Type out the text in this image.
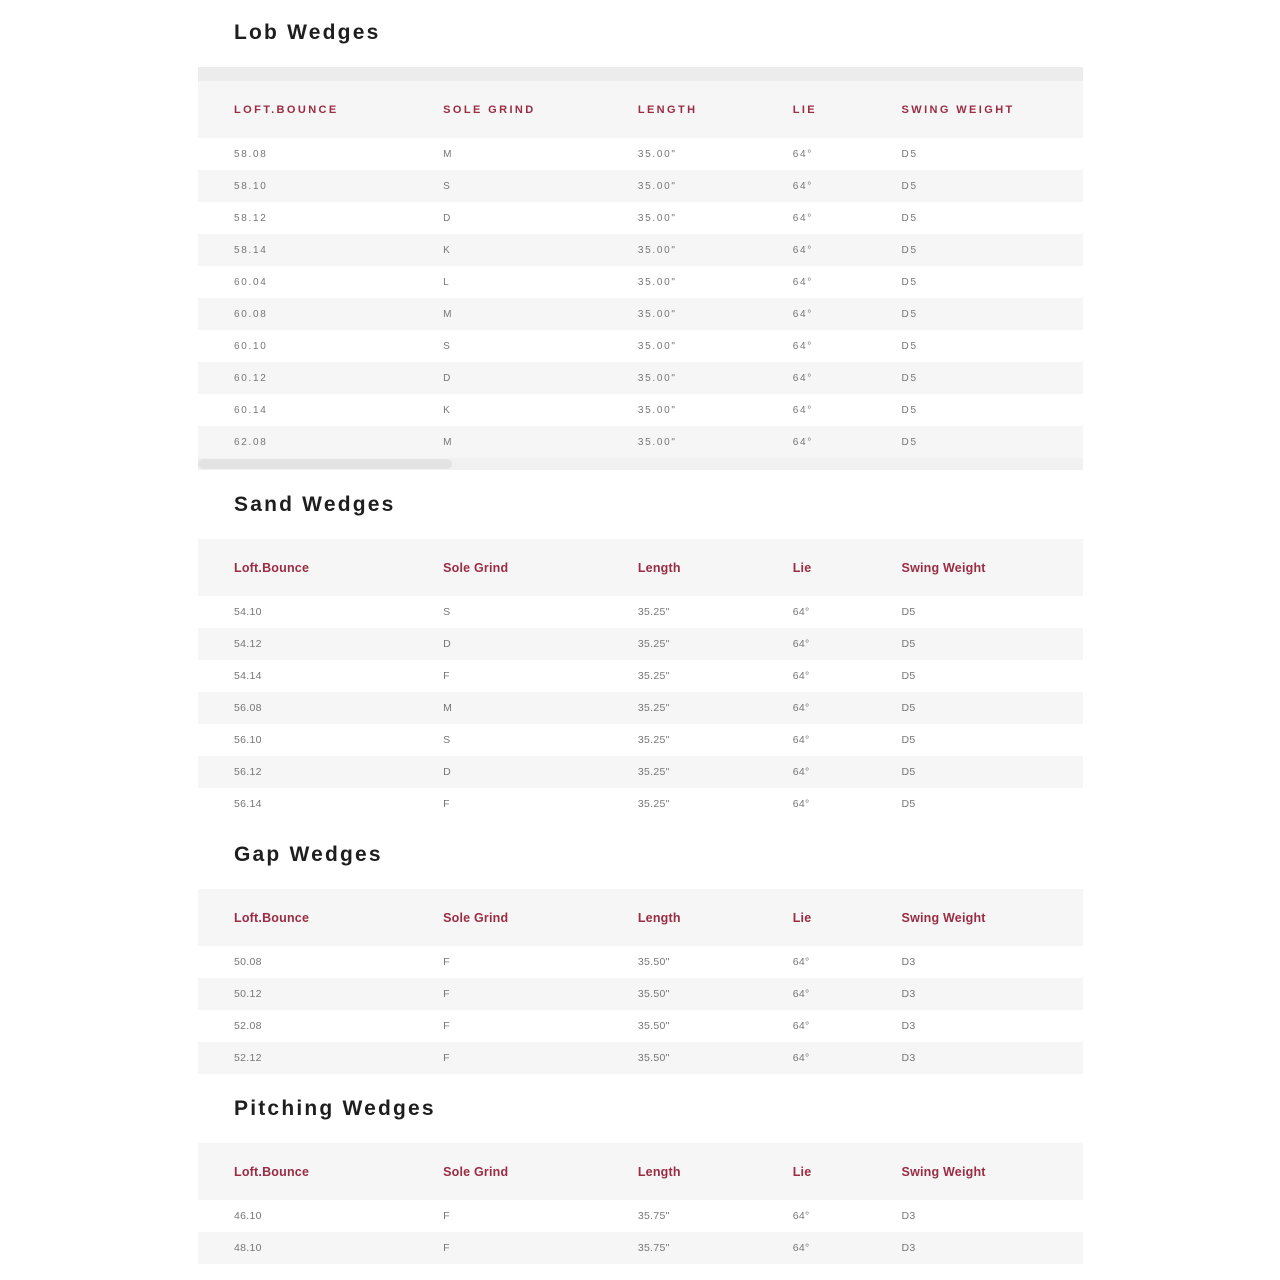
Lob Wedges
LOFT.BOUNCE	SOLE GRIND	LENGTH	LIE	SWING WEIGHT
58.08	M	35.00"	64°	D5
58.10	S	35.00"	64°	D5
58.12	D	35.00"	64°	D5
58.14	K	35.00"	64°	D5
60.04	L	35.00"	64°	D5
60.08	M	35.00"	64°	D5
60.10	S	35.00"	64°	D5
60.12	D	35.00"	64°	D5
60.14	K	35.00"	64°	D5
62.08	M	35.00"	64°	D5
Sand Wedges
Loft.Bounce	Sole Grind	Length	Lie	Swing Weight
54.10	S	35.25"	64°	D5
54.12	D	35.25"	64°	D5
54.14	F	35.25"	64°	D5
56.08	M	35.25"	64°	D5
56.10	S	35.25"	64°	D5
56.12	D	35.25"	64°	D5
56.14	F	35.25"	64°	D5
Gap Wedges
Loft.Bounce	Sole Grind	Length	Lie	Swing Weight
50.08	F	35.50"	64°	D3
50.12	F	35.50"	64°	D3
52.08	F	35.50"	64°	D3
52.12	F	35.50"	64°	D3
Pitching Wedges
Loft.Bounce	Sole Grind	Length	Lie	Swing Weight
46.10	F	35.75"	64°	D3
48.10	F	35.75"	64°	D3
